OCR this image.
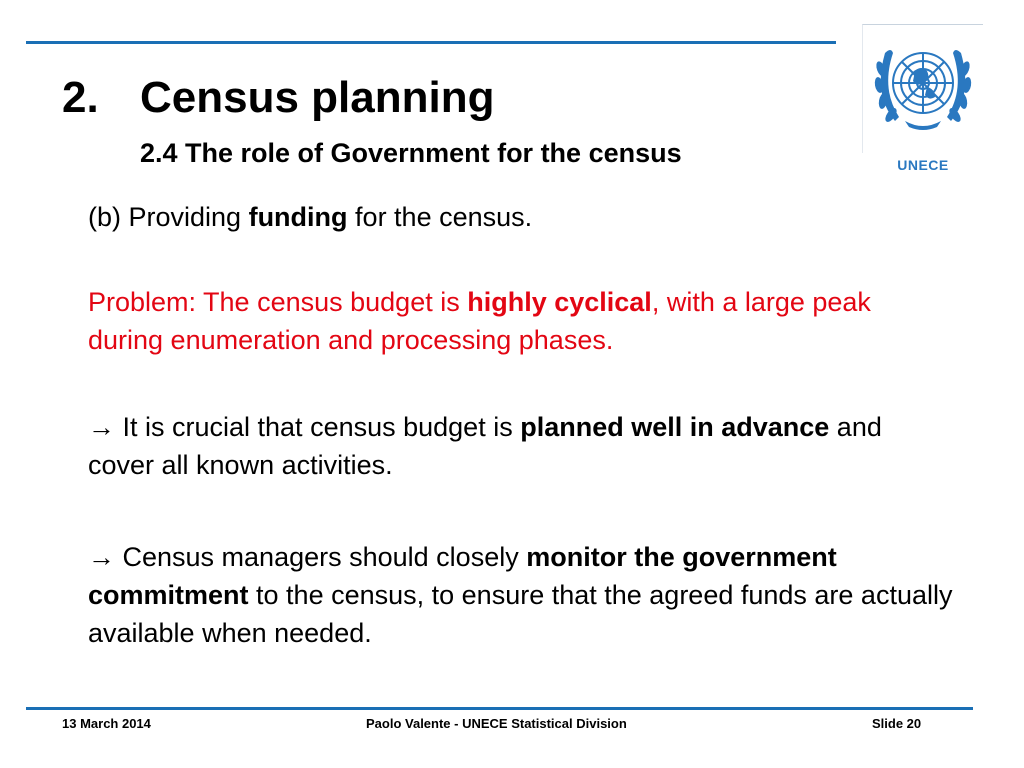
2. Census planning
2.4 The role of Government for the census	UNECE

(b) Providing funding for the census.

Problem: The census budget is highly cyclical, with a large peak during enumeration and processing phases.

→ It is crucial that census budget is planned well in advance and cover all known activities.

→ Census managers should closely monitor the government commitment to the census, to ensure that the agreed funds are actually available when needed.

13 March 2014	Paolo Valente - UNECE Statistical Division	Slide 20
